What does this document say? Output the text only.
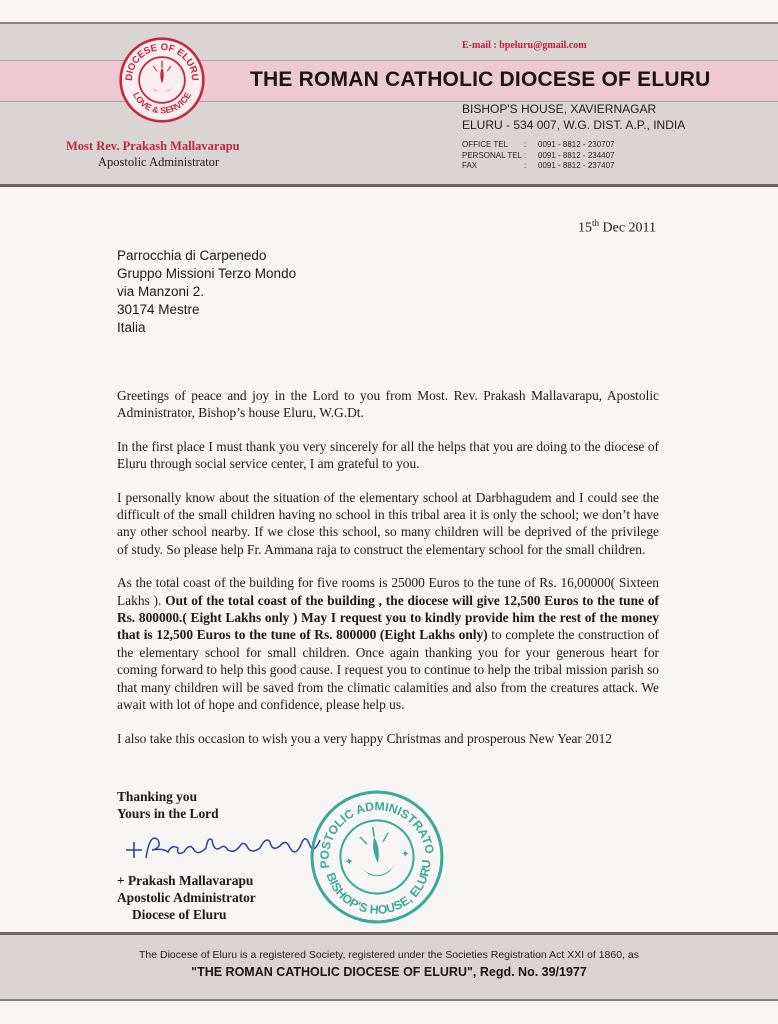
DIOCESE OF ELURU
LOVE & SERVICE
E-mail : bpeluru@gmail.com
THE ROMAN CATHOLIC DIOCESE OF ELURU
BISHOP'S HOUSE, XAVIERNAGAR
ELURU - 534 007, W.G. DIST. A.P., INDIA
OFFICE TEL	:	0091 - 8812 - 230707
PERSONAL TEL :	0091 - 8812 - 234407
FAX	:	0091 - 8812 - 237407
Most Rev. Prakash Mallavarapu
Apostolic Administrator
15th Dec 2011
Parrocchia di Carpenedo
Gruppo Missioni Terzo Mondo
via Manzoni 2.
30174 Mestre
Italia

Greetings of peace and joy in the Lord to you from Most. Rev. Prakash Mallavarapu, Apostolic Administrator, Bishop’s house Eluru, W.G.Dt.

In the first place I must thank you very sincerely for all the helps that you are doing to the diocese of Eluru through social service center, I am grateful to you.

I personally know about the situation of the elementary school at Darbhagudem and I could see the difficult of the small children having no school in this tribal area it is only the school; we don’t have any other school nearby. If we close this school, so many children will be deprived of the privilege of study. So please help Fr. Ammana raja to construct the elementary school for the small children.

As the total coast of the building for five rooms is 25000 Euros to the tune of Rs. 16,00000( Sixteen Lakhs ). Out of the total coast of the building , the diocese will give 12,500 Euros to the tune of Rs. 800000.( Eight Lakhs only ) May I request you to kindly provide him the rest of the money that is 12,500 Euros to the tune of Rs. 800000 (Eight Lakhs only) to complete the construction of the elementary school for small children. Once again thanking you for your generous heart for coming forward to help this good cause. I request you to continue to help the tribal mission parish so that many children will be saved from the climatic calamities and also from the creatures attack. We await with lot of hope and confidence, please help us.

I also take this occasion to wish you a very happy Christmas and prosperous New Year 2012

Thanking you
Yours in the Lord
+ Prakash Mallavarapu
Apostolic Administrator
Diocese of Eluru
APOSTOLIC ADMINISTRATOR
BISHOP'S HOUSE, ELURU
✦
✦
The Diocese of Eluru is a registered Society, registered under the Societies Registration Act XXI of 1860, as
"THE ROMAN CATHOLIC DIOCESE OF ELURU", Regd. No. 39/1977
